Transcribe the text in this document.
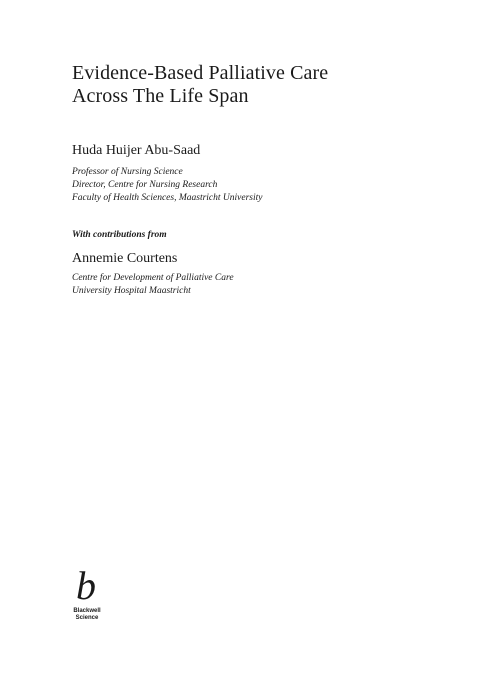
Evidence-Based Palliative Care
Across The Life Span

Huda Huijer Abu-Saad

Professor of Nursing Science
Director, Centre for Nursing Research
Faculty of Health Sciences, Maastricht University

With contributions from

Annemie Courtens

Centre for Development of Palliative Care
University Hospital Maastricht

b
Blackwell
Science
